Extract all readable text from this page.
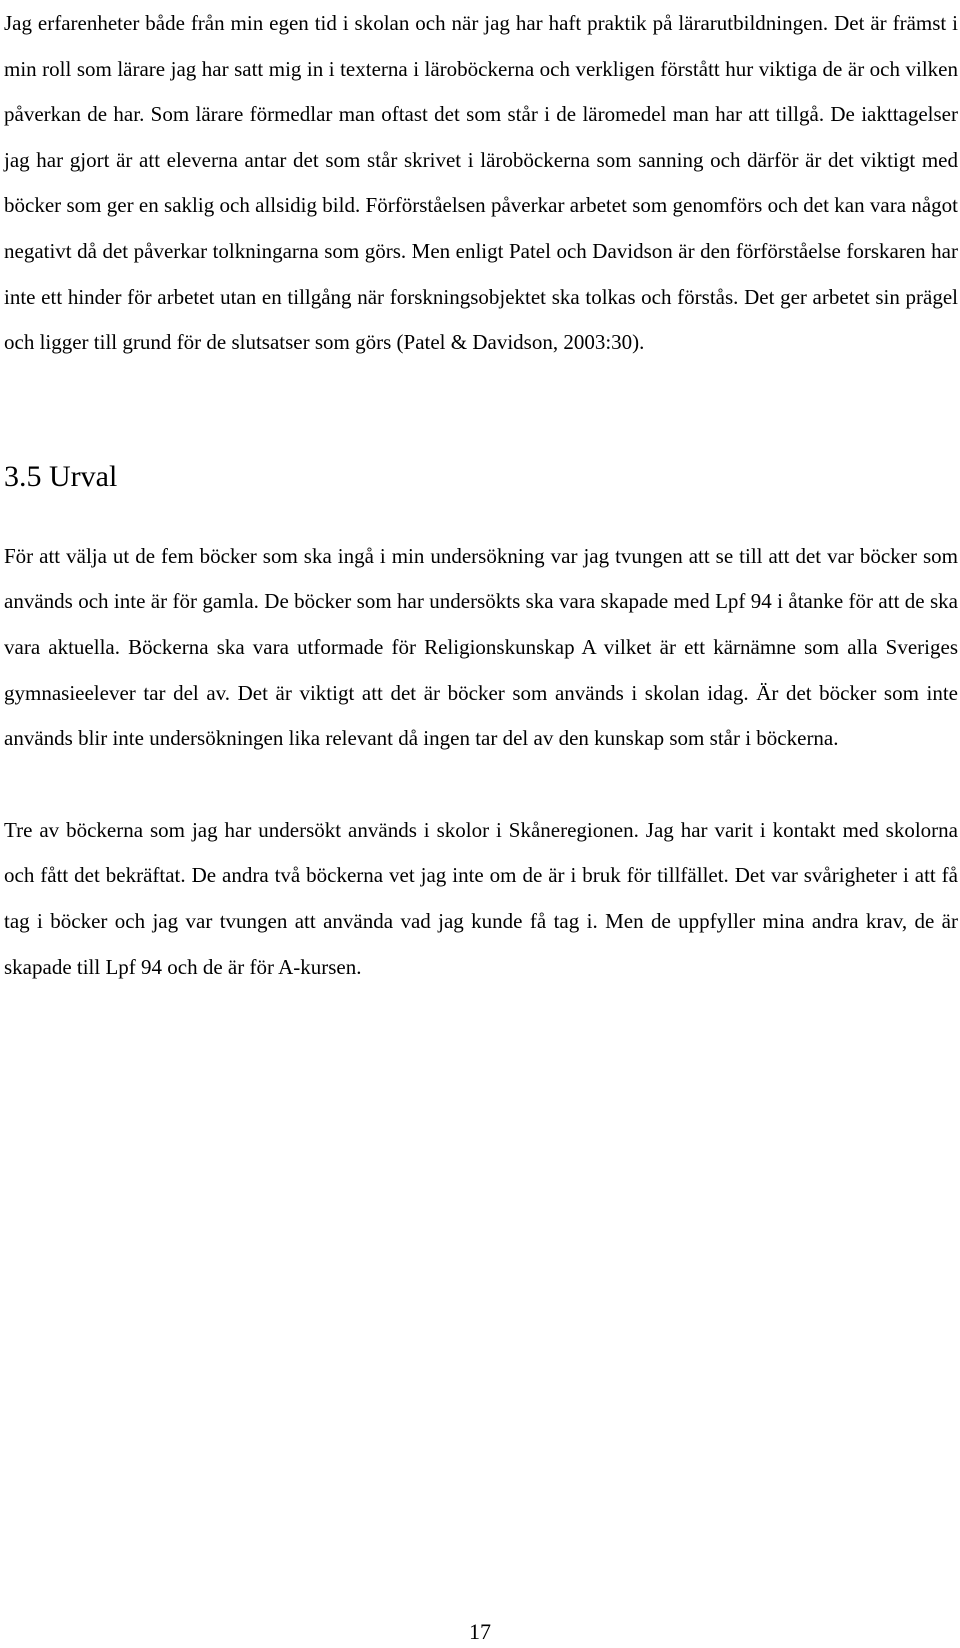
Jag erfarenheter både från min egen tid i skolan och när jag har haft praktik på lärarutbildningen. Det är främst i min roll som lärare jag har satt mig in i texterna i läroböckerna och verkligen förstått hur viktiga de är och vilken påverkan de har. Som lärare förmedlar man oftast det som står i de läromedel man har att tillgå. De iakttagelser jag har gjort är att eleverna antar det som står skrivet i läroböckerna som sanning och därför är det viktigt med böcker som ger en saklig och allsidig bild. Förförståelsen påverkar arbetet som genomförs och det kan vara något negativt då det påverkar tolkningarna som görs. Men enligt Patel och Davidson är den förförståelse forskaren har inte ett hinder för arbetet utan en tillgång när forskningsobjektet ska tolkas och förstås. Det ger arbetet sin prägel och ligger till grund för de slutsatser som görs (Patel & Davidson, 2003:30).

3.5 Urval

För att välja ut de fem böcker som ska ingå i min undersökning var jag tvungen att se till att det var böcker som används och inte är för gamla. De böcker som har undersökts ska vara skapade med Lpf 94 i åtanke för att de ska vara aktuella. Böckerna ska vara utformade för Religionskunskap A vilket är ett kärnämne som alla Sveriges gymnasieelever tar del av. Det är viktigt att det är böcker som används i skolan idag. Är det böcker som inte används blir inte undersökningen lika relevant då ingen tar del av den kunskap som står i böckerna.

Tre av böckerna som jag har undersökt används i skolor i Skåneregionen. Jag har varit i kontakt med skolorna och fått det bekräftat. De andra två böckerna vet jag inte om de är i bruk för tillfället. Det var svårigheter i att få tag i böcker och jag var tvungen att använda vad jag kunde få tag i. Men de uppfyller mina andra krav, de är skapade till Lpf 94 och de är för A-kursen.

17
